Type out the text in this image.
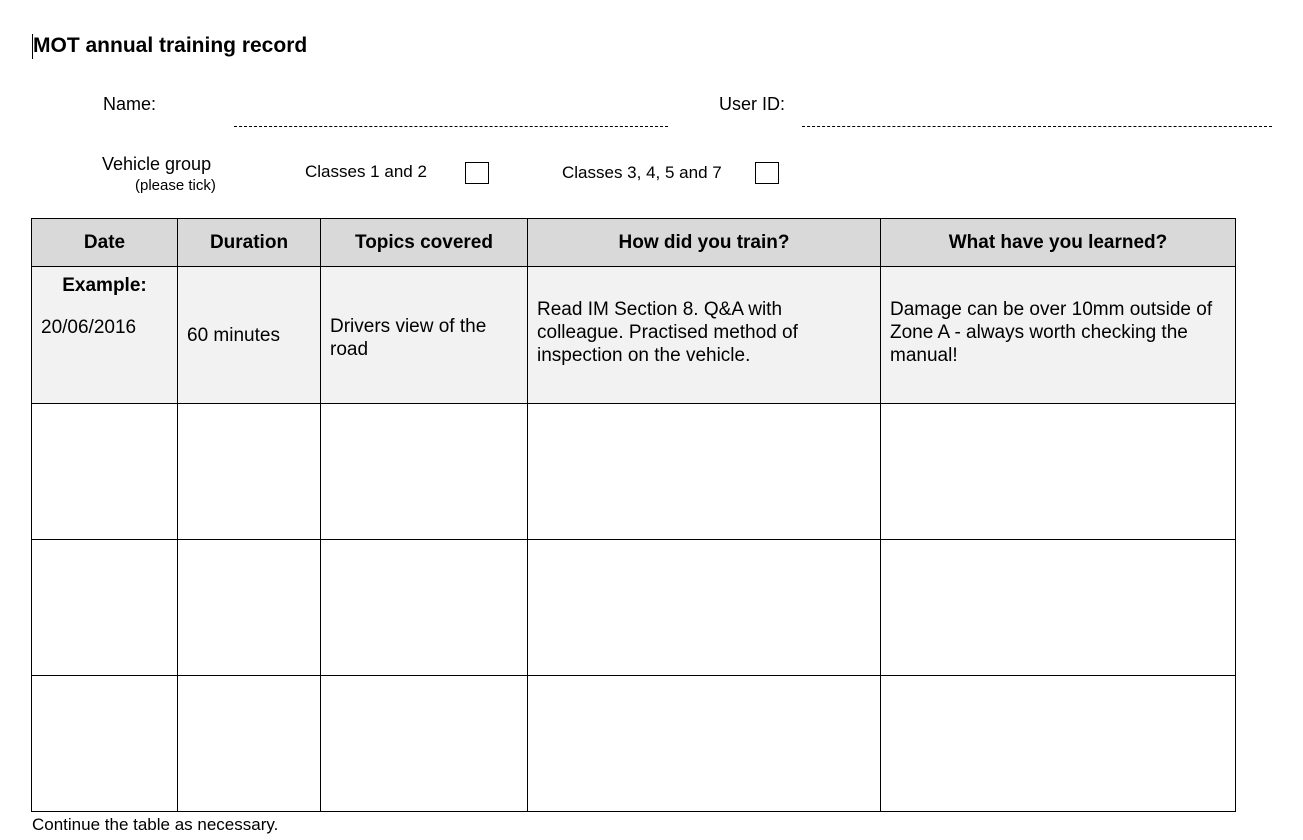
MOT annual training record
Name:	User ID:
Vehicle group
(please tick)
Classes 1 and 2	Classes 3, 4, 5 and 7
Date	Duration	Topics covered	How did you train?	What have you learned?

Example:
20/06/2016	60 minutes	Drivers view of the road	Read IM Section 8. Q&A with colleague. Practised method of inspection on the vehicle.	Damage can be over 10mm outside of Zone A - always worth checking the manual!

Continue the table as necessary.
